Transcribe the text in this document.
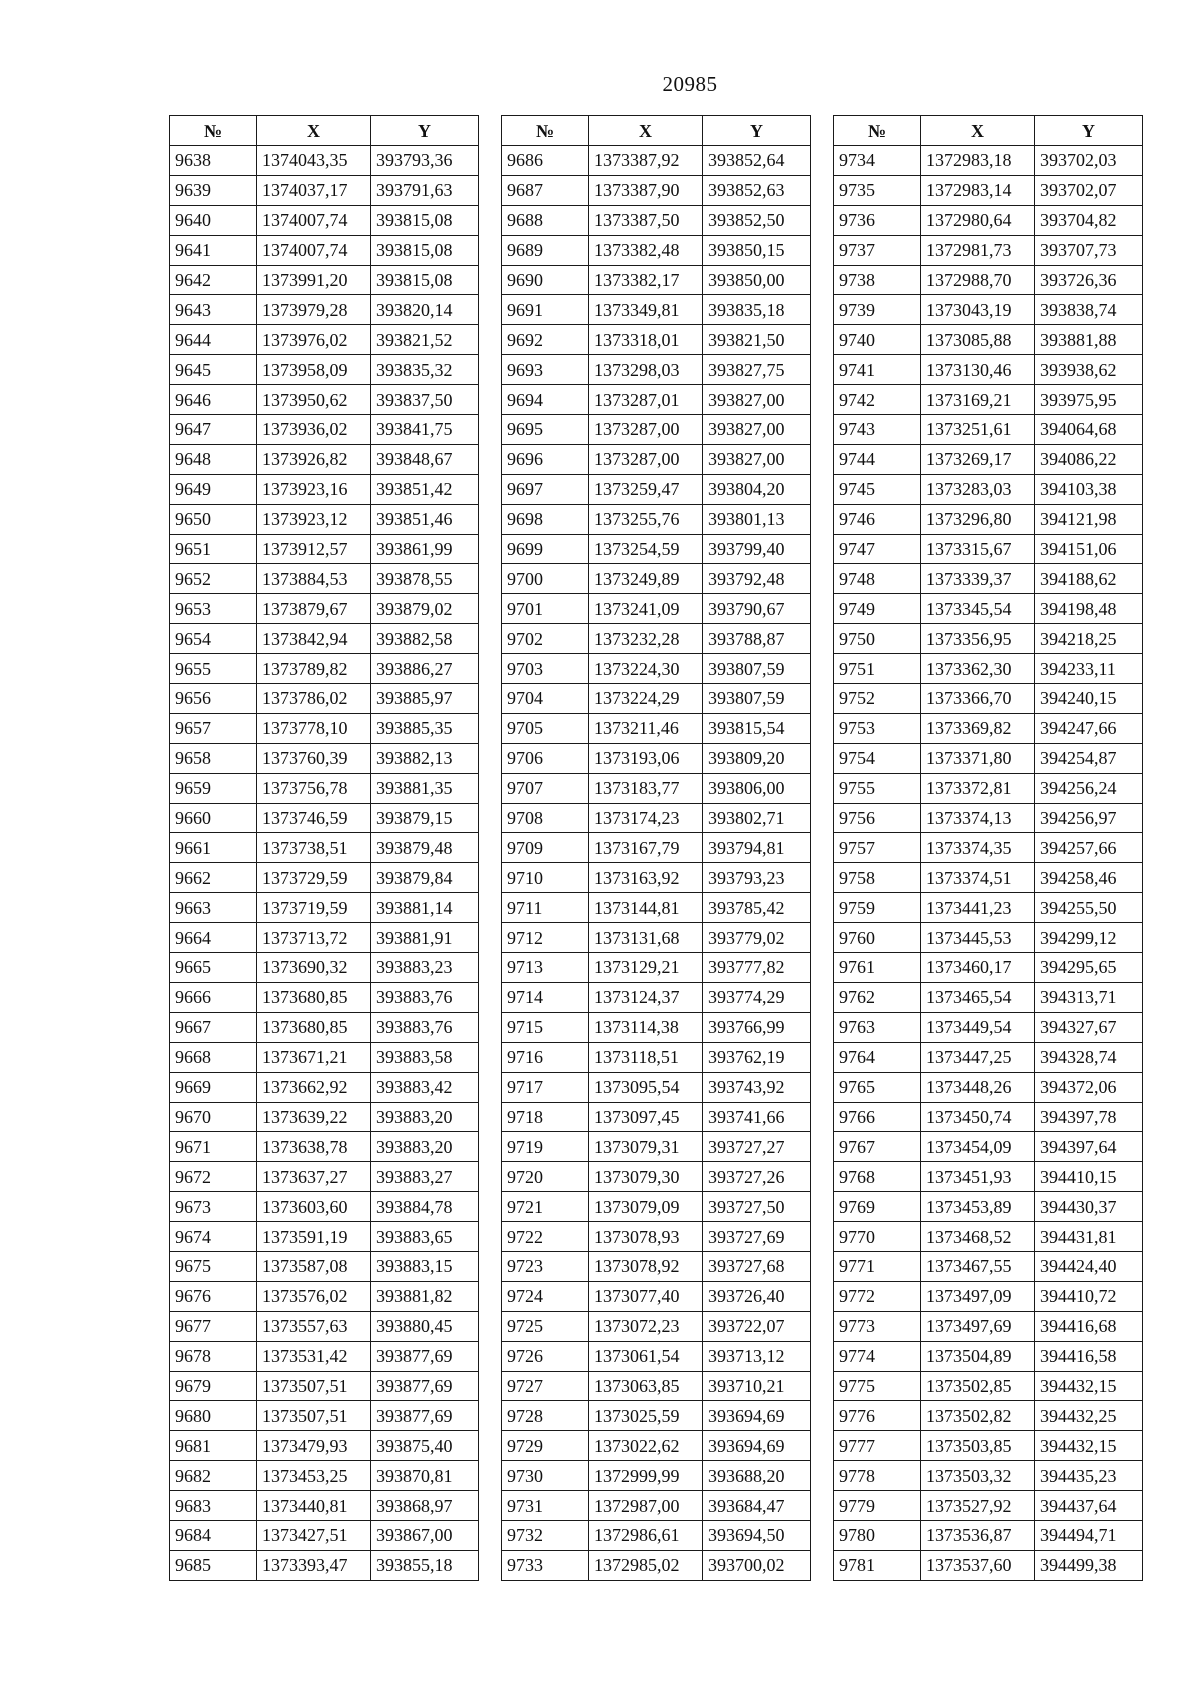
20985
№	X	Y
9638	1374043,35	393793,36
9639	1374037,17	393791,63
9640	1374007,74	393815,08
9641	1374007,74	393815,08
9642	1373991,20	393815,08
9643	1373979,28	393820,14
9644	1373976,02	393821,52
9645	1373958,09	393835,32
9646	1373950,62	393837,50
9647	1373936,02	393841,75
9648	1373926,82	393848,67
9649	1373923,16	393851,42
9650	1373923,12	393851,46
9651	1373912,57	393861,99
9652	1373884,53	393878,55
9653	1373879,67	393879,02
9654	1373842,94	393882,58
9655	1373789,82	393886,27
9656	1373786,02	393885,97
9657	1373778,10	393885,35
9658	1373760,39	393882,13
9659	1373756,78	393881,35
9660	1373746,59	393879,15
9661	1373738,51	393879,48
9662	1373729,59	393879,84
9663	1373719,59	393881,14
9664	1373713,72	393881,91
9665	1373690,32	393883,23
9666	1373680,85	393883,76
9667	1373680,85	393883,76
9668	1373671,21	393883,58
9669	1373662,92	393883,42
9670	1373639,22	393883,20
9671	1373638,78	393883,20
9672	1373637,27	393883,27
9673	1373603,60	393884,78
9674	1373591,19	393883,65
9675	1373587,08	393883,15
9676	1373576,02	393881,82
9677	1373557,63	393880,45
9678	1373531,42	393877,69
9679	1373507,51	393877,69
9680	1373507,51	393877,69
9681	1373479,93	393875,40
9682	1373453,25	393870,81
9683	1373440,81	393868,97
9684	1373427,51	393867,00
9685	1373393,47	393855,18
№	X	Y
9686	1373387,92	393852,64
9687	1373387,90	393852,63
9688	1373387,50	393852,50
9689	1373382,48	393850,15
9690	1373382,17	393850,00
9691	1373349,81	393835,18
9692	1373318,01	393821,50
9693	1373298,03	393827,75
9694	1373287,01	393827,00
9695	1373287,00	393827,00
9696	1373287,00	393827,00
9697	1373259,47	393804,20
9698	1373255,76	393801,13
9699	1373254,59	393799,40
9700	1373249,89	393792,48
9701	1373241,09	393790,67
9702	1373232,28	393788,87
9703	1373224,30	393807,59
9704	1373224,29	393807,59
9705	1373211,46	393815,54
9706	1373193,06	393809,20
9707	1373183,77	393806,00
9708	1373174,23	393802,71
9709	1373167,79	393794,81
9710	1373163,92	393793,23
9711	1373144,81	393785,42
9712	1373131,68	393779,02
9713	1373129,21	393777,82
9714	1373124,37	393774,29
9715	1373114,38	393766,99
9716	1373118,51	393762,19
9717	1373095,54	393743,92
9718	1373097,45	393741,66
9719	1373079,31	393727,27
9720	1373079,30	393727,26
9721	1373079,09	393727,50
9722	1373078,93	393727,69
9723	1373078,92	393727,68
9724	1373077,40	393726,40
9725	1373072,23	393722,07
9726	1373061,54	393713,12
9727	1373063,85	393710,21
9728	1373025,59	393694,69
9729	1373022,62	393694,69
9730	1372999,99	393688,20
9731	1372987,00	393684,47
9732	1372986,61	393694,50
9733	1372985,02	393700,02
№	X	Y
9734	1372983,18	393702,03
9735	1372983,14	393702,07
9736	1372980,64	393704,82
9737	1372981,73	393707,73
9738	1372988,70	393726,36
9739	1373043,19	393838,74
9740	1373085,88	393881,88
9741	1373130,46	393938,62
9742	1373169,21	393975,95
9743	1373251,61	394064,68
9744	1373269,17	394086,22
9745	1373283,03	394103,38
9746	1373296,80	394121,98
9747	1373315,67	394151,06
9748	1373339,37	394188,62
9749	1373345,54	394198,48
9750	1373356,95	394218,25
9751	1373362,30	394233,11
9752	1373366,70	394240,15
9753	1373369,82	394247,66
9754	1373371,80	394254,87
9755	1373372,81	394256,24
9756	1373374,13	394256,97
9757	1373374,35	394257,66
9758	1373374,51	394258,46
9759	1373441,23	394255,50
9760	1373445,53	394299,12
9761	1373460,17	394295,65
9762	1373465,54	394313,71
9763	1373449,54	394327,67
9764	1373447,25	394328,74
9765	1373448,26	394372,06
9766	1373450,74	394397,78
9767	1373454,09	394397,64
9768	1373451,93	394410,15
9769	1373453,89	394430,37
9770	1373468,52	394431,81
9771	1373467,55	394424,40
9772	1373497,09	394410,72
9773	1373497,69	394416,68
9774	1373504,89	394416,58
9775	1373502,85	394432,15
9776	1373502,82	394432,25
9777	1373503,85	394432,15
9778	1373503,32	394435,23
9779	1373527,92	394437,64
9780	1373536,87	394494,71
9781	1373537,60	394499,38
